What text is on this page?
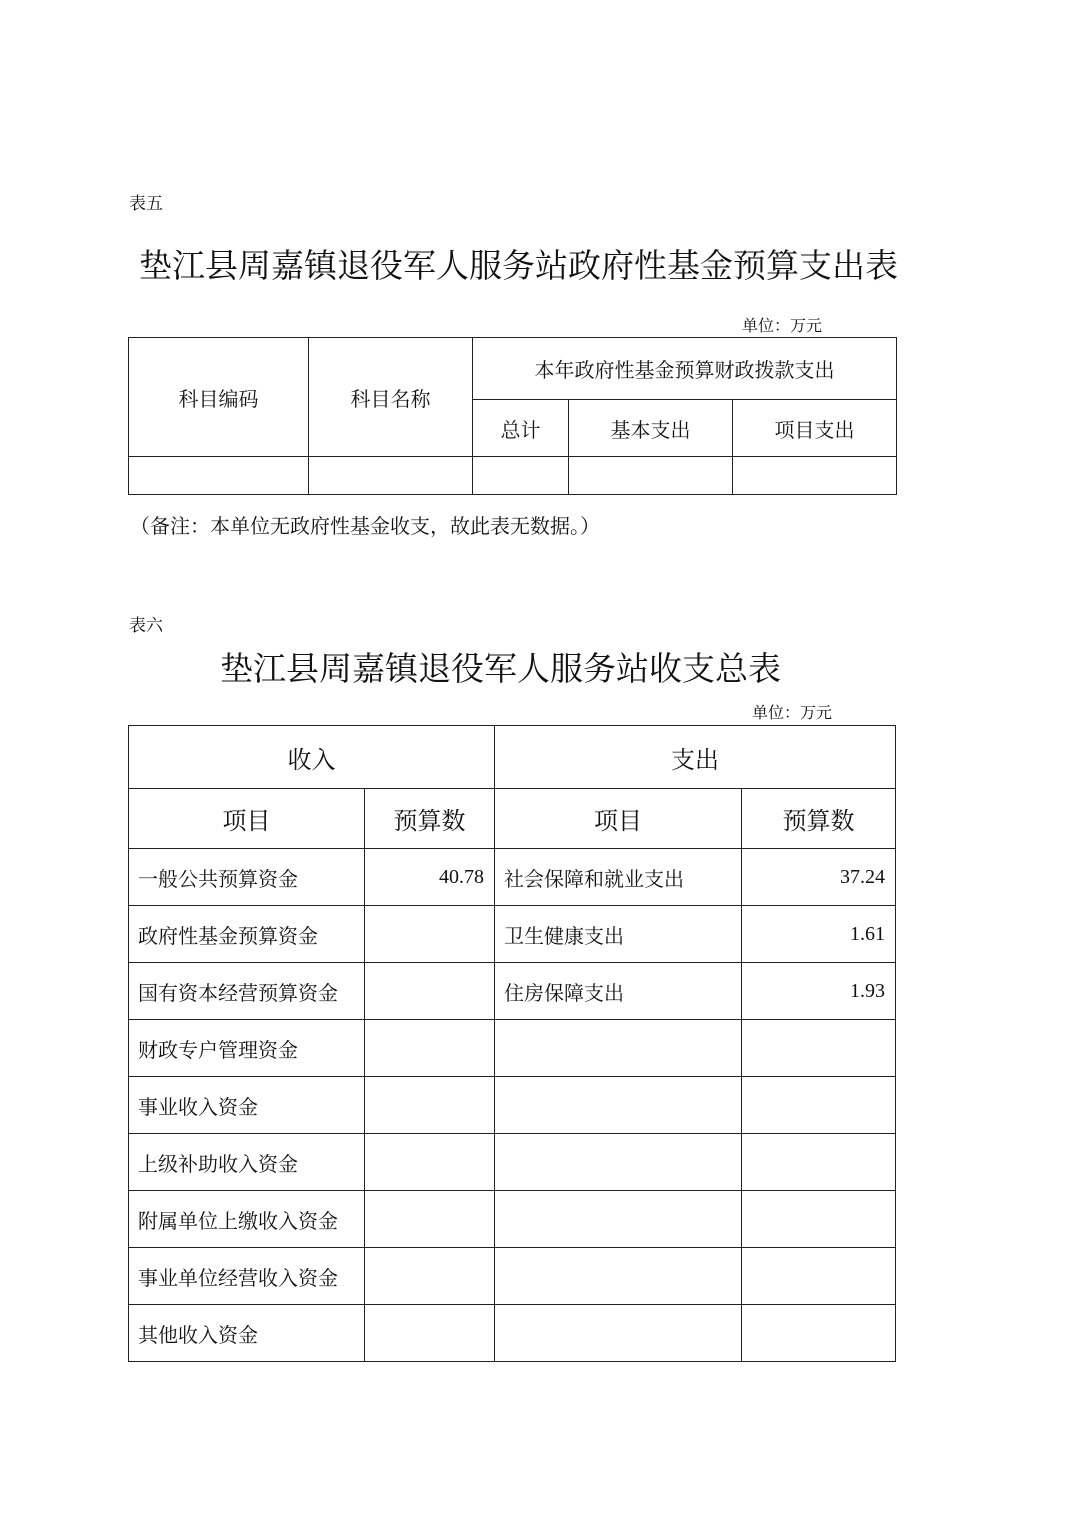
表五
垫江县周嘉镇退役军人服务站政府性基金预算支出表
单位：万元
科目编码	科目名称	本年政府性基金预算财政拨款支出		
		总计	基本支出	项目支出

（备注：本单位无政府性基金收支，故此表无数据。）
表六
垫江县周嘉镇退役军人服务站收支总表
单位：万元
收入		支出	
项目	预算数	项目	预算数
一般公共预算资金	40.78	社会保障和就业支出	37.24
政府性基金预算资金		卫生健康支出	1.61
国有资本经营预算资金		住房保障支出	1.93
财政专户管理资金			
事业收入资金			
上级补助收入资金			
附属单位上缴收入资金			
事业单位经营收入资金			
其他收入资金			
